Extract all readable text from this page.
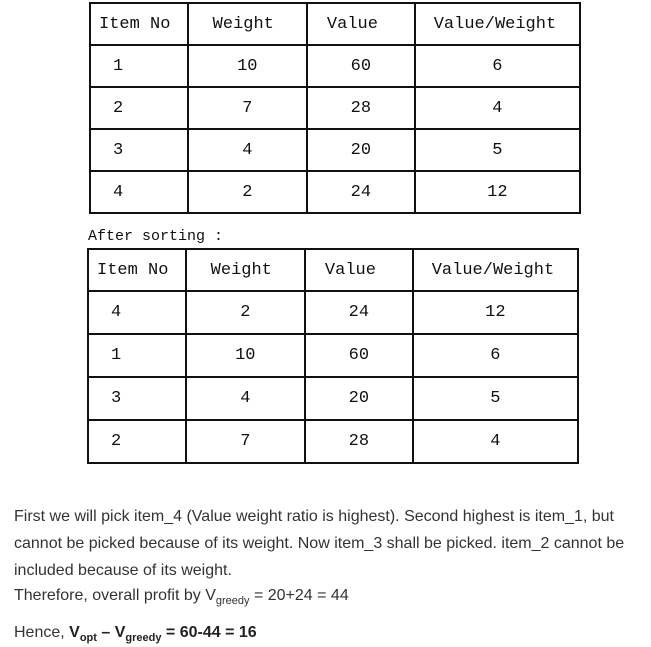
Item No	Weight	Value	Value/Weight
1	10	60	6
2	7	28	4
3	4	20	5
4	2	24	12
After sorting :
Item No	Weight	Value	Value/Weight
4	2	24	12
1	10	60	6
3	4	20	5
2	7	28	4
First we will pick item_4 (Value weight ratio is highest). Second highest is item_1, but cannot be picked because of its weight. Now item_3 shall be picked. item_2 cannot be included because of its weight.
Therefore, overall profit by $V_{greedy} = 20+24 = 44$
Hence, $V_{opt} - V_{greedy} = 60-44 = 16$
